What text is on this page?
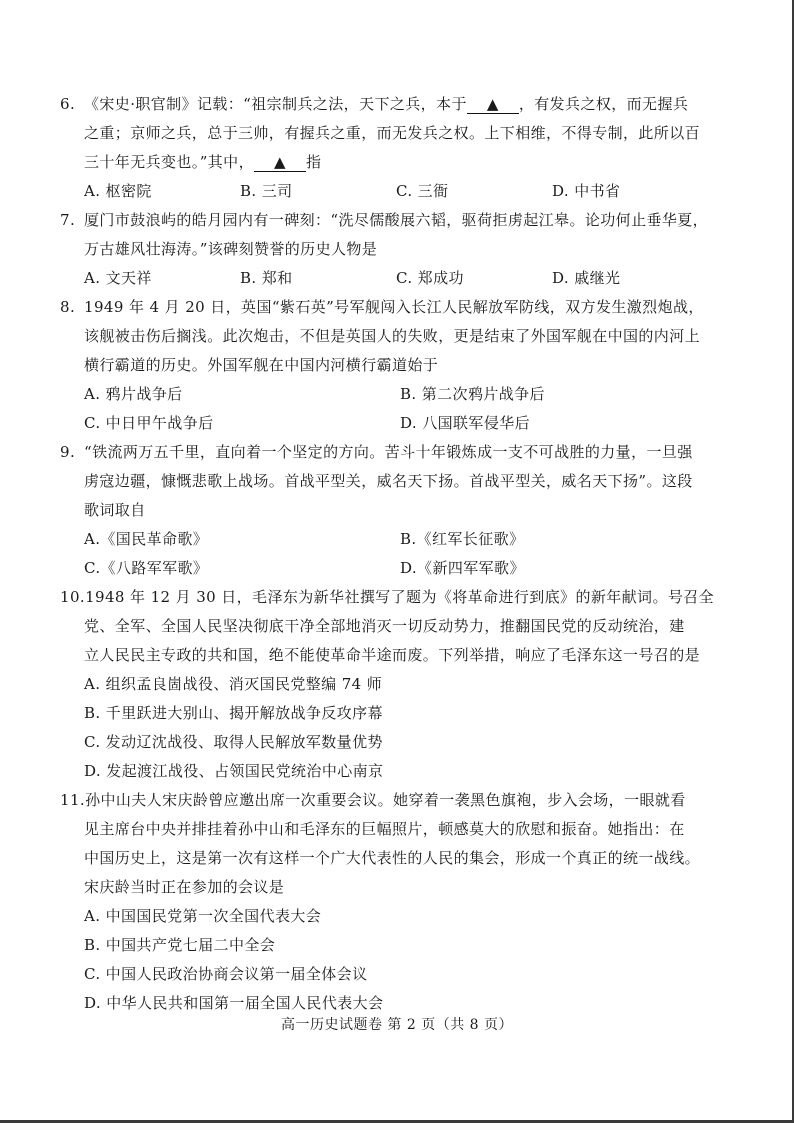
6. 《宋史·职官制》记载：“祖宗制兵之法，天下之兵，本于 ▲ ，有发兵之权，而无握兵
之重；京师之兵，总于三帅，有握兵之重，而无发兵之权。上下相维，不得专制，此所以百
三十年无兵变也。”其中， ▲ 指
A. 枢密院	B. 三司	C. 三衙	D. 中书省
7. 厦门市鼓浪屿的皓月园内有一碑刻：“洗尽儒酸展六韬，驱荷拒虏起江皋。论功何止垂华夏，
万古雄风壮海涛。”该碑刻赞誉的历史人物是
A. 文天祥	B. 郑和	C. 郑成功	D. 戚继光
8. 1949 年 4 月 20 日，英国“紫石英”号军舰闯入长江人民解放军防线，双方发生激烈炮战，
该舰被击伤后搁浅。此次炮击，不但是英国人的失败，更是结束了外国军舰在中国的内河上
横行霸道的历史。外国军舰在中国内河横行霸道始于
A. 鸦片战争后	B. 第二次鸦片战争后
C. 中日甲午战争后	D. 八国联军侵华后
9. “铁流两万五千里，直向着一个坚定的方向。苦斗十年锻炼成一支不可战胜的力量，一旦强
虏寇边疆，慷慨悲歌上战场。首战平型关，威名天下扬。首战平型关，威名天下扬”。这段
歌词取自
A.《国民革命歌》	B.《红军长征歌》
C.《八路军军歌》	D.《新四军军歌》
10.1948 年 12 月 30 日，毛泽东为新华社撰写了题为《将革命进行到底》的新年献词。号召全
党、全军、全国人民坚决彻底干净全部地消灭一切反动势力，推翻国民党的反动统治，建
立人民民主专政的共和国，绝不能使革命半途而废。下列举措，响应了毛泽东这一号召的是
A. 组织孟良崮战役、消灭国民党整编 74 师
B. 千里跃进大别山、揭开解放战争反攻序幕
C. 发动辽沈战役、取得人民解放军数量优势
D. 发起渡江战役、占领国民党统治中心南京
11.孙中山夫人宋庆龄曾应邀出席一次重要会议。她穿着一袭黑色旗袍，步入会场，一眼就看
见主席台中央并排挂着孙中山和毛泽东的巨幅照片，顿感莫大的欣慰和振奋。她指出：在
中国历史上，这是第一次有这样一个广大代表性的人民的集会，形成一个真正的统一战线。
宋庆龄当时正在参加的会议是
A. 中国国民党第一次全国代表大会
B. 中国共产党七届二中全会
C. 中国人民政治协商会议第一届全体会议
D. 中华人民共和国第一届全国人民代表大会
高一历史试题卷 第 2 页（共 8 页）
